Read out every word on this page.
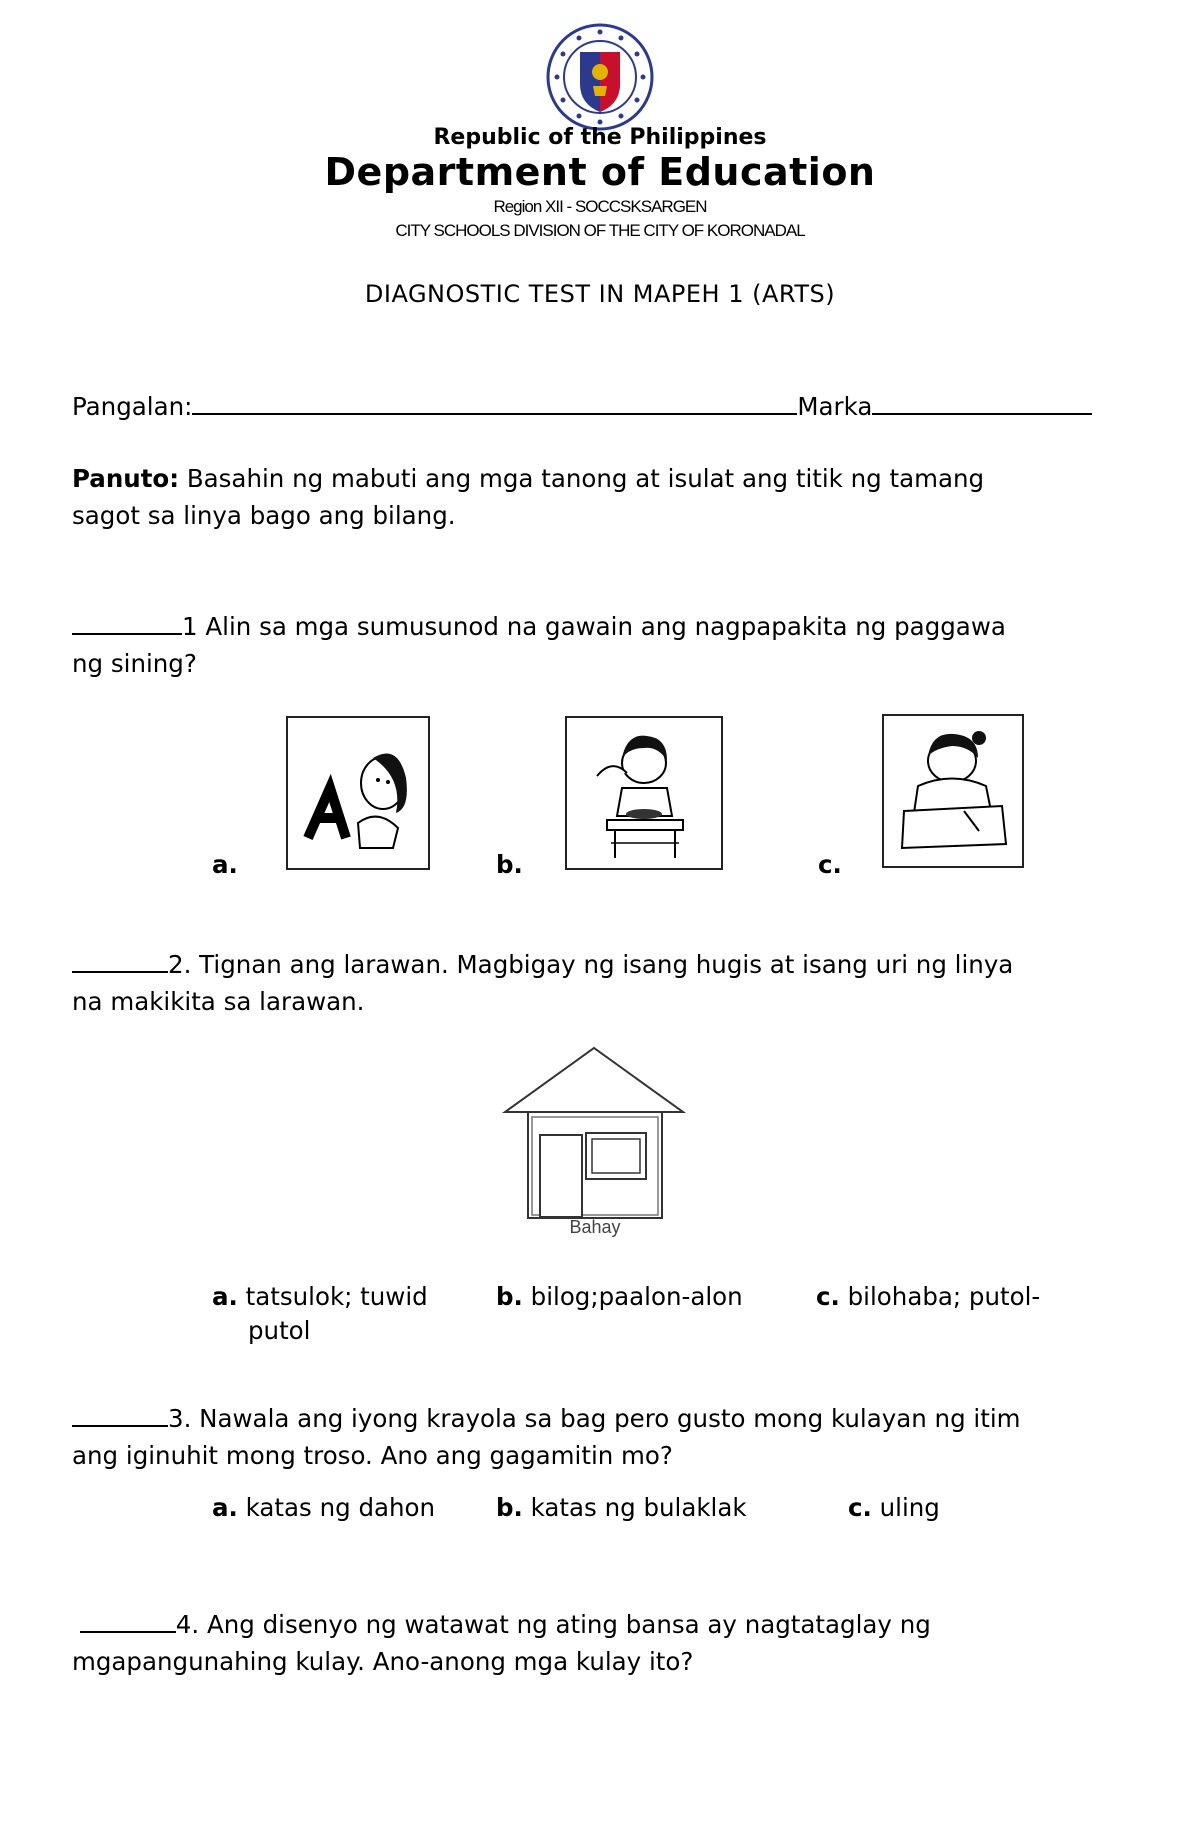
Republic of the Philippines
Department of Education
Region XII - SOCCSKSARGEN
CITY SCHOOLS DIVISION OF THE CITY OF KORONADAL
DIAGNOSTIC TEST IN MAPEH 1 (ARTS)
Pangalan:	Marka
Panuto: Basahin ng mabuti ang mga tanong at isulat ang titik ng tamang
sagot sa linya bago ang bilang.
1 Alin sa mga sumusunod na gawain ang nagpapakita ng paggawa
ng sining?
a.	b.	c.
2. Tignan ang larawan. Magbigay ng isang hugis at isang uri ng linya
na makikita sa larawan.
Bahay
a. tatsulok; tuwid
putol
b. bilog;paalon-alon	c. bilohaba; putol-
3. Nawala ang iyong krayola sa bag pero gusto mong kulayan ng itim
ang iginuhit mong troso. Ano ang gagamitin mo?
a. katas ng dahon b. katas ng bulaklak	c. uling
4. Ang disenyo ng watawat ng ating bansa ay nagtataglay ng
mgapangunahing kulay. Ano-anong mga kulay ito?
